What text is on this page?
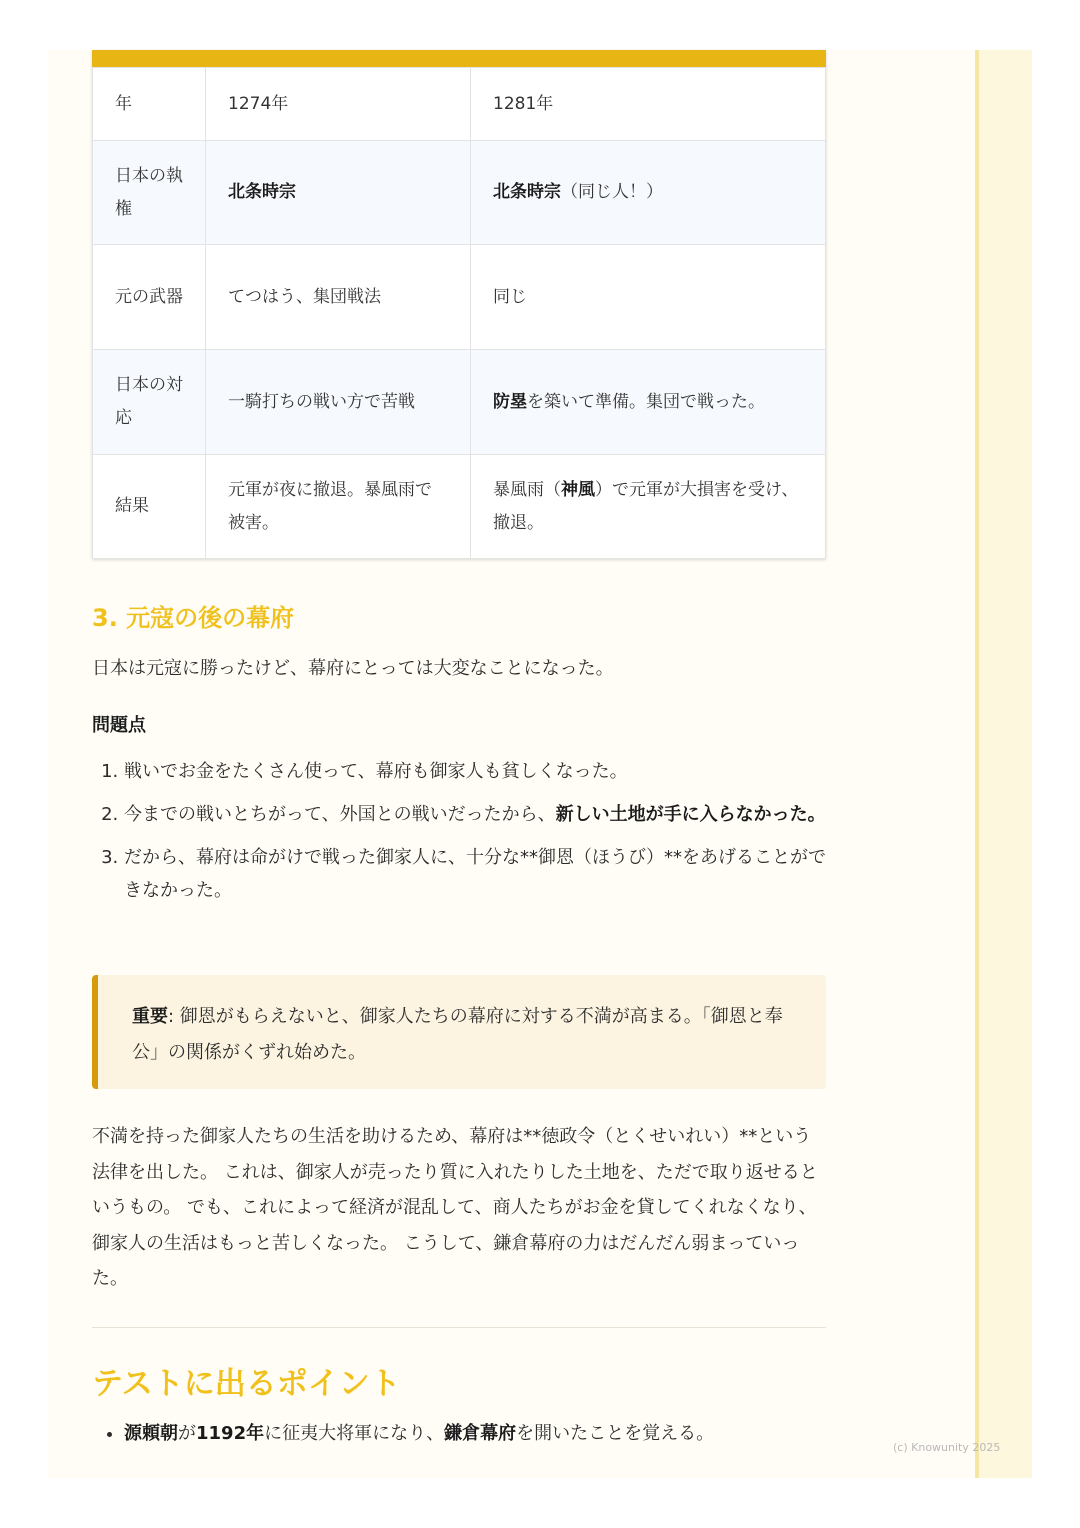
年	1274年	1281年
日本の執権	北条時宗	北条時宗（同じ人！）
元の武器	てつはう、集団戦法	同じ
日本の対応	一騎打ちの戦い方で苦戦	防塁を築いて準備。集団で戦った。
結果	元軍が夜に撤退。暴風雨で被害。	暴風雨（神風）で元軍が大損害を受け、撤退。
3. 元寇の後の幕府

日本は元寇に勝ったけど、幕府にとっては大変なことになった。

問題点

1. 戦いでお金をたくさん使って、幕府も御家人も貧しくなった。
2. 今までの戦いとちがって、外国との戦いだったから、新しい土地が手に入らなかった。
3. だから、幕府は命がけで戦った御家人に、十分な**御恩（ほうび）**をあげることができなかった。
重要: 御恩がもらえないと、御家人たちの幕府に対する不満が高まる。「御恩と奉公」の関係がくずれ始めた。

不満を持った御家人たちの生活を助けるため、幕府は**徳政令（とくせいれい）**という法律を出した。 これは、御家人が売ったり質に入れたりした土地を、ただで取り返せるというもの。 でも、これによって経済が混乱して、商人たちがお金を貸してくれなくなり、御家人の生活はもっと苦しくなった。 こうして、鎌倉幕府の力はだんだん弱まっていった。

テストに出るポイント
• 源頼朝が1192年に征夷大将軍になり、鎌倉幕府を開いたことを覚える。
(c) Knowunity 2025
